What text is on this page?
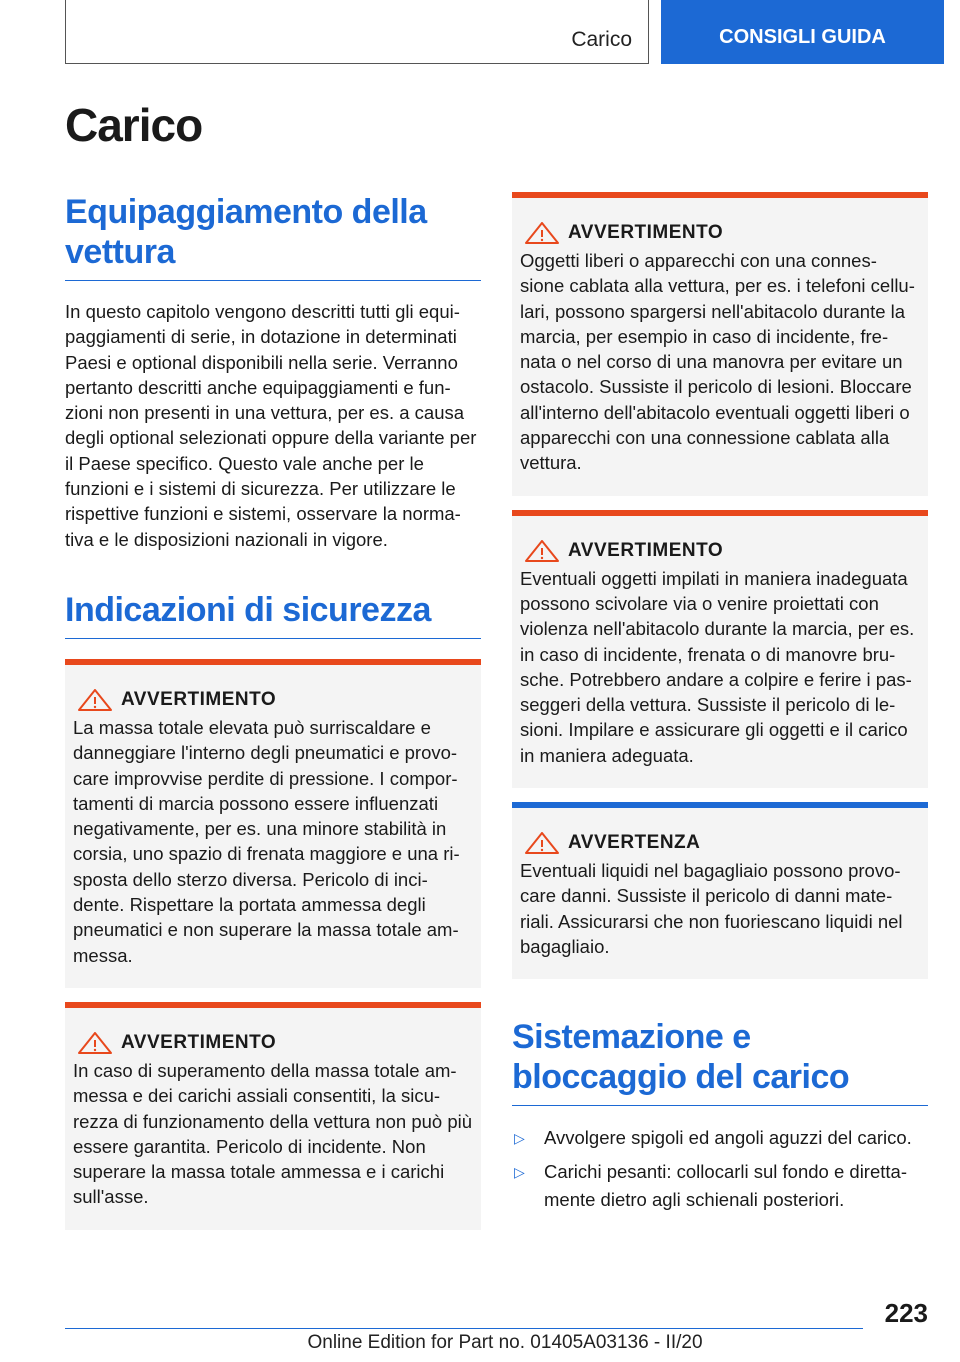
Carico	CONSIGLI GUIDA
Carico
Equipaggiamento della vettura

In questo capitolo vengono descritti tutti gli equi-paggiamenti di serie, in dotazione in determinati Paesi e optional disponibili nella serie. Verranno pertanto descritti anche equipaggiamenti e fun-zioni non presenti in una vettura, per es. a causa degli optional selezionati oppure della variante per il Paese specifico. Questo vale anche per le funzioni e i sistemi di sicurezza. Per utilizzare le rispettive funzioni e sistemi, osservare la norma-tiva e le disposizioni nazionali in vigore.

Indicazioni di sicurezza
AVVERTIMENTO

La massa totale elevata può surriscaldare e danneggiare l'interno degli pneumatici e provo-care improvvise perdite di pressione. I compor-tamenti di marcia possono essere influenzati negativamente, per es. una minore stabilità in corsia, uno spazio di frenata maggiore e una ri-sposta dello sterzo diversa. Pericolo di inci-dente. Rispettare la portata ammessa degli pneumatici e non superare la massa totale am-messa.

AVVERTIMENTO

In caso di superamento della massa totale am-messa e dei carichi assiali consentiti, la sicu-rezza di funzionamento della vettura non può più essere garantita. Pericolo di incidente. Non superare la massa totale ammessa e i carichi sull'asse.

AVVERTIMENTO

Oggetti liberi o apparecchi con una connes-sione cablata alla vettura, per es. i telefoni cellu-lari, possono spargersi nell'abitacolo durante la marcia, per esempio in caso di incidente, fre-nata o nel corso di una manovra per evitare un ostacolo. Sussiste il pericolo di lesioni. Bloccare all'interno dell'abitacolo eventuali oggetti liberi o apparecchi con una connessione cablata alla vettura.

AVVERTIMENTO

Eventuali oggetti impilati in maniera inadeguata possono scivolare via o venire proiettati con violenza nell'abitacolo durante la marcia, per es. in caso di incidente, frenata o di manovre bru-sche. Potrebbero andare a colpire e ferire i pas-seggeri della vettura. Sussiste il pericolo di le-sioni. Impilare e assicurare gli oggetti e il carico in maniera adeguata.

AVVERTENZA

Eventuali liquidi nel bagagliaio possono provo-care danni. Sussiste il pericolo di danni mate-riali. Assicurarsi che non fuoriescano liquidi nel bagagliaio.

Sistemazione e bloccaggio del carico
▷	Avvolgere spigoli ed angoli aguzzi del carico.
▷	Carichi pesanti: collocarli sul fondo e diretta-mente dietro agli schienali posteriori.
223
Online Edition for Part no. 01405A03136 - II/20
